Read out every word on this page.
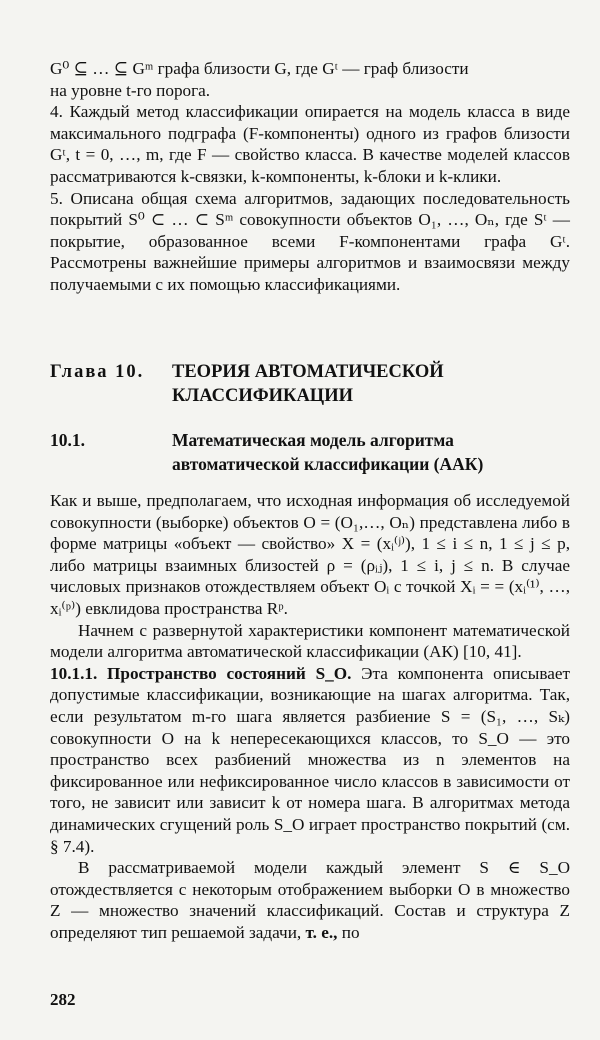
G⁰ ⊆ … ⊆ Gᵐ графа близости G, где Gᵗ — граф близости

на уровне t-го порога.

4. Каждый метод классификации опирается на модель класса в виде максимального подграфа (F-компоненты) одного из графов близости Gᵗ, t = 0, …, m, где F — свойство класса. В качестве моделей классов рассматриваются k-связки, k-компоненты, k-блоки и k-клики.

5. Описана общая схема алгоритмов, задающих последовательность покрытий S⁰ ⊂ … ⊂ Sᵐ совокупности объектов O₁, …, Oₙ, где Sᵗ — покрытие, образованное всеми F-компонентами графа Gᵗ. Рассмотрены важнейшие примеры алгоритмов и взаимосвязи между получаемыми с их помощью классификациями.

Глава 10. ТЕОРИЯ АВТОМАТИЧЕСКОЙ
КЛАССИФИКАЦИИ
10.1.	Математическая модель алгоритма
автоматической классификации (ААК)

Как и выше, предполагаем, что исходная информация об исследуемой совокупности (выборке) объектов O = (O₁,…, Oₙ) представлена либо в форме матрицы «объект — свойство» X = (xᵢ⁽ʲ⁾), 1 ≤ i ≤ n, 1 ≤ j ≤ p, либо матрицы взаимных близостей ρ = (ρᵢⱼ), 1 ≤ i, j ≤ n. В случае числовых признаков отождествляем объект Oᵢ с точкой Xᵢ = = (xᵢ⁽¹⁾, …, xᵢ⁽ᵖ⁾) евклидова пространства Rᵖ.

Начнем с развернутой характеристики компонент математической модели алгоритма автоматической классификации (АК) [10, 41].

10.1.1. Пространство состояний S_O. Эта компонента описывает допустимые классификации, возникающие на шагах алгоритма. Так, если результатом m-го шага является разбиение S = (S₁, …, Sₖ) совокупности O на k непересекающихся классов, то S_O — это пространство всех разбиений множества из n элементов на фиксированное или нефиксированное число классов в зависимости от того, не зависит или зависит k от номера шага. В алгоритмах метода динамических сгущений роль S_O играет пространство покрытий (см. § 7.4).

В рассматриваемой модели каждый элемент S ∈ S_O отождествляется с некоторым отображением выборки O в множество Z — множество значений классификаций. Состав и структура Z определяют тип решаемой задачи, т. е., по

282
